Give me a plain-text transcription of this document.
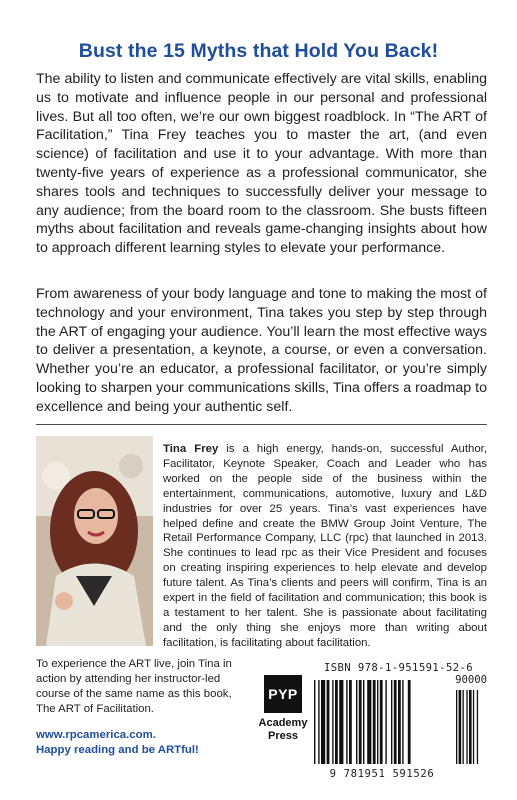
Bust the 15 Myths that Hold You Back!

The ability to listen and communicate effectively are vital skills, enabling us to motivate and influence people in our personal and professional lives. But all too often, we’re our own biggest roadblock. In “The ART of Facilitation,” Tina Frey teaches you to master the art, (and even science) of facilitation and use it to your advantage. With more than twenty-five years of experience as a professional communicator, she shares tools and techniques to successfully deliver your message to any audience; from the board room to the classroom. She busts fifteen myths about facilitation and reveals game-changing insights about how to approach different learning styles to elevate your performance.

From awareness of your body language and tone to making the most of technology and your environment, Tina takes you step by step through the ART of engaging your audience. You’ll learn the most effective ways to deliver a presentation, a keynote, a course, or even a conversation. Whether you’re an educator, a professional facilitator, or you’re simply looking to sharpen your communications skills, Tina offers a roadmap to excellence and being your authentic self.

Tina Frey is a high energy, hands-on, successful Author, Facilitator, Keynote Speaker, Coach and Leader who has worked on the people side of the business within the entertainment, communications, automotive, luxury and L&D industries for over 25 years. Tina’s vast experiences have helped define and create the BMW Group Joint Venture, The Retail Performance Company, LLC (rpc) that launched in 2013. She continues to lead rpc as their Vice President and focuses on creating inspiring experiences to help elevate and develop future talent. As Tina’s clients and peers will confirm, Tina is an expert in the field of facilitation and communication; this book is a testament to her talent. She is passionate about facilitating and the only thing she enjoys more than writing about facilitation, is facilitating about facilitation.

To experience the ART live, join Tina in action by attending her instructor-led course of the same name as this book, The ART of Facilitation.

www.rpcamerica.com.
Happy reading and be ARTful!
PYP
Academy
Press
ISBN 978-1-951591-52-6
90000
9 781951 591526
